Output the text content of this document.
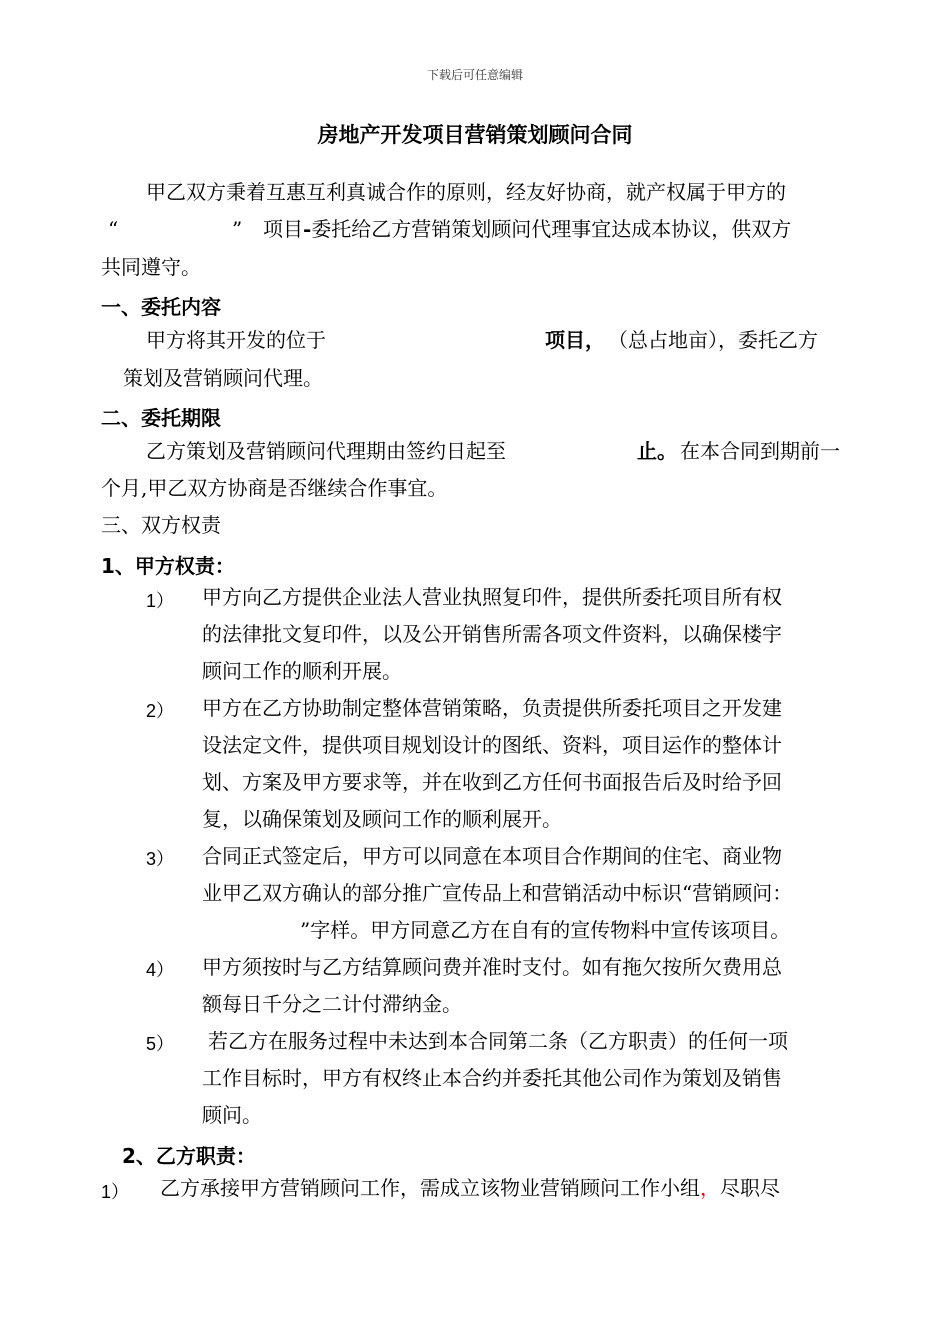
下载后可任意编辑
房地产开发项目营销策划顾问合同
甲乙双方秉着互惠互利真诚合作的原则，经友好协商，就产权属于甲方的
“	” 项目-委托给乙方营销策划顾问代理事宜达成本协议，供双方
共同遵守。
一、委托内容
甲方将其开发的位于	项目， （总占地亩），委托乙方
策划及营销顾问代理。
二、委托期限
乙方策划及营销顾问代理期由签约日起至	止。 在本合同到期前一
个月,甲乙双方协商是否继续合作事宜。
三、双方权责
1、甲方权责：
1） 甲方向乙方提供企业法人营业执照复印件，提供所委托项目所有权
的法律批文复印件，以及公开销售所需各项文件资料，以确保楼宇
顾问工作的顺利开展。
2） 甲方在乙方协助制定整体营销策略，负责提供所委托项目之开发建
设法定文件，提供项目规划设计的图纸、资料，项目运作的整体计
划、方案及甲方要求等，并在收到乙方任何书面报告后及时给予回
复，以确保策划及顾问工作的顺利展开。
3） 合同正式签定后，甲方可以同意在本项目合作期间的住宅、商业物
业甲乙双方确认的部分推广宣传品上和营销活动中标识“营销顾问：
”字样。甲方同意乙方在自有的宣传物料中宣传该项目。
4） 甲方须按时与乙方结算顾问费并准时支付。如有拖欠按所欠费用总
额每日千分之二计付滞纳金。
5） 若乙方在服务过程中未达到本合同第二条（乙方职责）的任何一项
工作目标时，甲方有权终止本合约并委托其他公司作为策划及销售
顾问。
2、乙方职责：
1） 乙方承接甲方营销顾问工作，需成立该物业营销顾问工作小组，尽职尽
